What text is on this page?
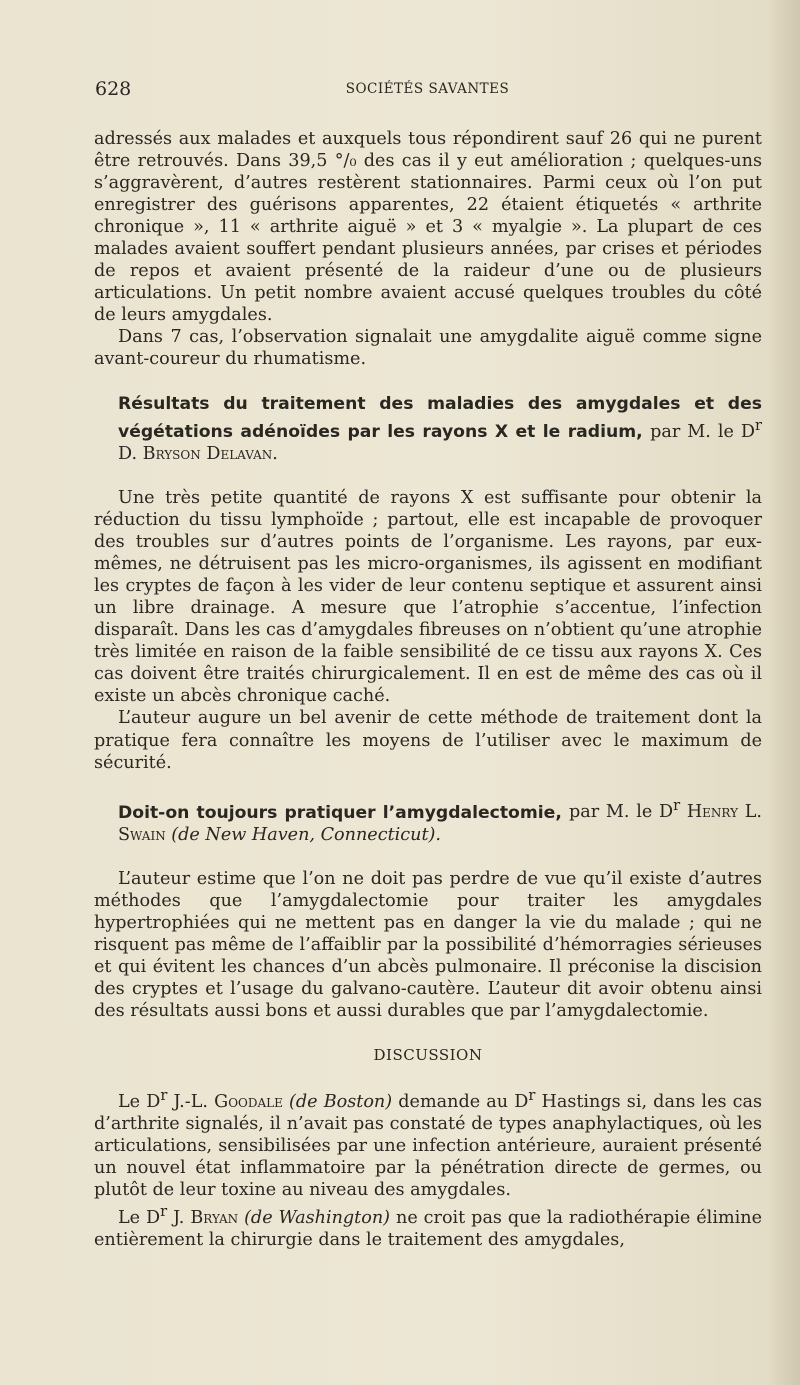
628	SOCIÉTÉS SAVANTES

adressés aux malades et auxquels tous répondirent sauf 26 qui ne purent être retrouvés. Dans 39,5 °/₀ des cas il y eut amélioration ; quelques-uns s’aggravèrent, d’autres restèrent stationnaires. Parmi ceux où l’on put enregistrer des guérisons apparentes, 22 étaient étiquetés « arthrite chronique », 11 « arthrite aiguë » et 3 « myalgie ». La plupart de ces malades avaient souffert pendant plusieurs années, par crises et périodes de repos et avaient présenté de la raideur d’une ou de plusieurs articulations. Un petit nombre avaient accusé quelques troubles du côté de leurs amygdales.

Dans 7 cas, l’observation signalait une amygdalite aiguë comme signe avant-coureur du rhumatisme.

Résultats du traitement des maladies des amygdales et des végétations adénoïdes par les rayons X et le radium, par M. le $D^r$ D. Bryson Delavan.

Une très petite quantité de rayons X est suffisante pour obtenir la réduction du tissu lymphoïde ; partout, elle est incapable de provoquer des troubles sur d’autres points de l’organisme. Les rayons, par eux-mêmes, ne détruisent pas les micro-organismes, ils agissent en modifiant les cryptes de façon à les vider de leur contenu septique et assurent ainsi un libre drainage. A mesure que l’atrophie s’accentue, l’infection disparaît. Dans les cas d’amygdales fibreuses on n’obtient qu’une atrophie très limitée en raison de la faible sensibilité de ce tissu aux rayons X. Ces cas doivent être traités chirurgicalement. Il en est de même des cas où il existe un abcès chronique caché.

L’auteur augure un bel avenir de cette méthode de traitement dont la pratique fera connaître les moyens de l’utiliser avec le maximum de sécurité.

Doit-on toujours pratiquer l’amygdalectomie, par M. le $D^r$ Henry L. Swain (de New Haven, Connecticut).

L’auteur estime que l’on ne doit pas perdre de vue qu’il existe d’autres méthodes que l’amygdalectomie pour traiter les amygdales hypertrophiées qui ne mettent pas en danger la vie du malade ; qui ne risquent pas même de l’affaiblir par la possibilité d’hémorragies sérieuses et qui évitent les chances d’un abcès pulmonaire. Il préconise la discision des cryptes et l’usage du galvano-cautère. L’auteur dit avoir obtenu ainsi des résultats aussi bons et aussi durables que par l’amygdalectomie.

DISCUSSION

Le $D^r$ J.-L. Goodale (de Boston) demande au $D^r$ Hastings si, dans les cas d’arthrite signalés, il n’avait pas constaté de types anaphylactiques, où les articulations, sensibilisées par une infection antérieure, auraient présenté un nouvel état inflammatoire par la pénétration directe de germes, ou plutôt de leur toxine au niveau des amygdales.

Le $D^r$ J. Bryan (de Washington) ne croit pas que la radiothérapie élimine entièrement la chirurgie dans le traitement des amygdales,
